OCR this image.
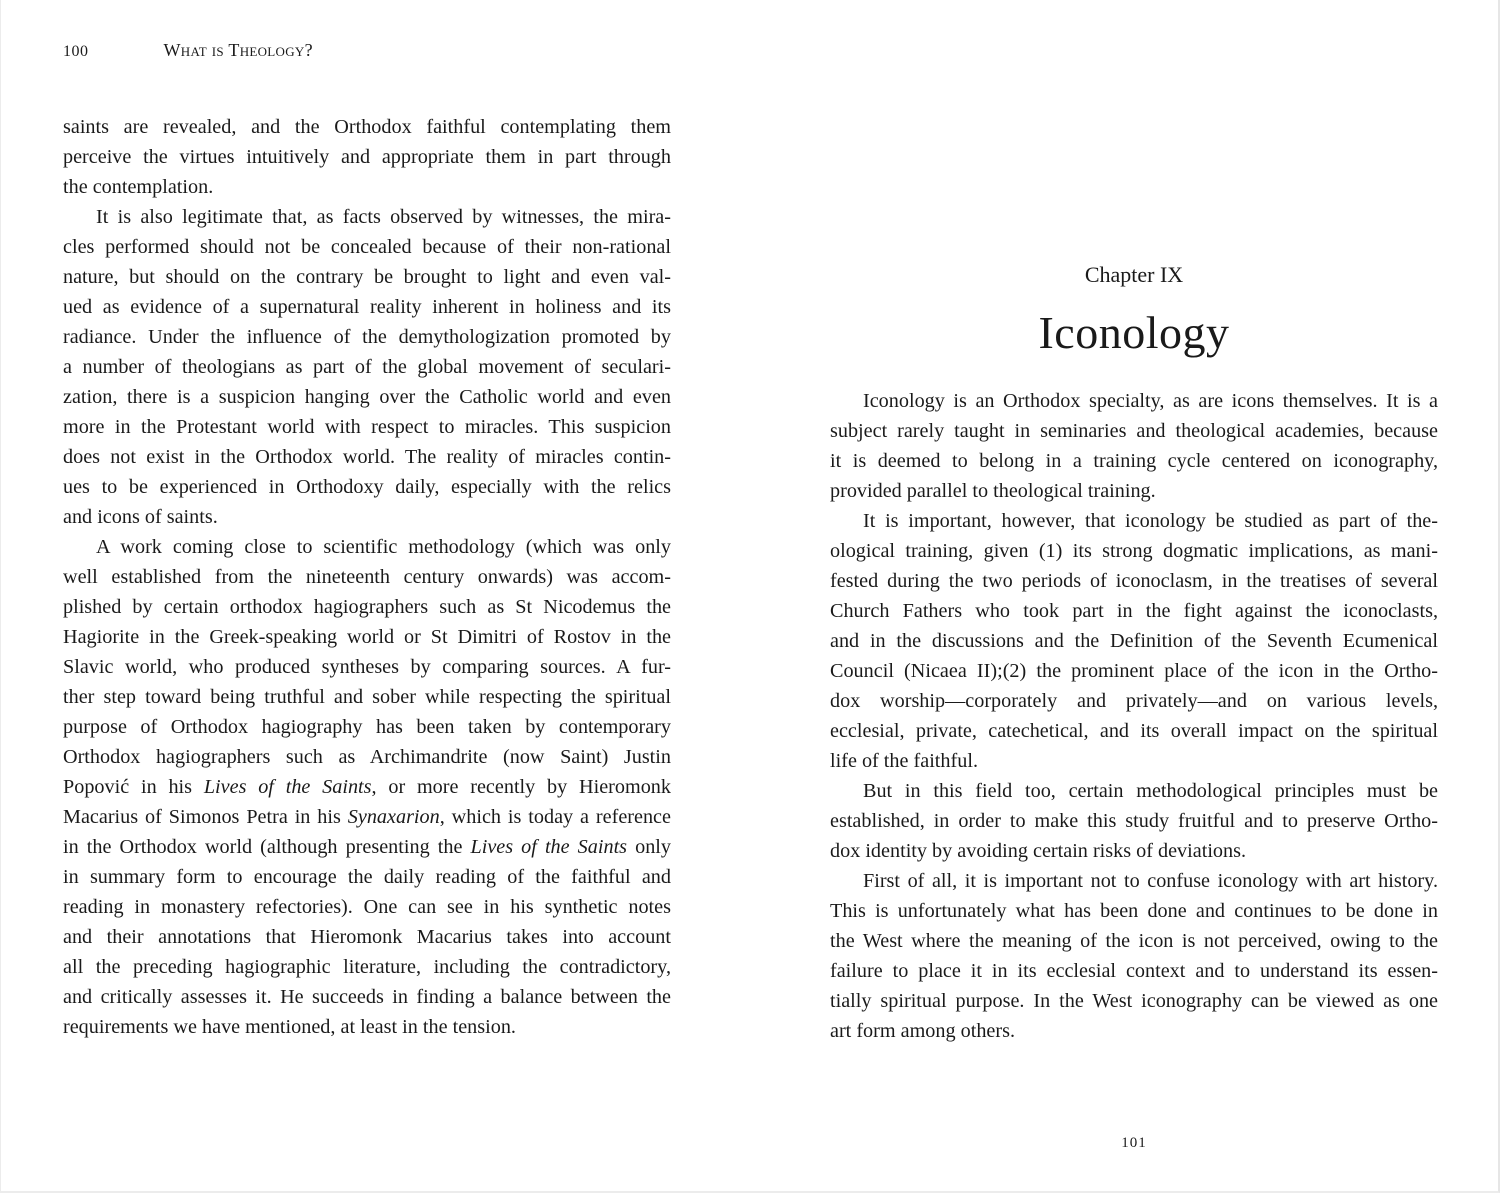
100	What is Theology?
saints are revealed, and the Orthodox faithful contemplating them
perceive the virtues intuitively and appropriate them in part through
the contemplation.
It is also legitimate that, as facts observed by witnesses, the mira-
cles performed should not be concealed because of their non-rational
nature, but should on the contrary be brought to light and even val-
ued as evidence of a supernatural reality inherent in holiness and its
radiance. Under the influence of the demythologization promoted by
a number of theologians as part of the global movement of seculari-
zation, there is a suspicion hanging over the Catholic world and even
more in the Protestant world with respect to miracles. This suspicion
does not exist in the Orthodox world. The reality of miracles contin-
ues to be experienced in Orthodoxy daily, especially with the relics
and icons of saints.
A work coming close to scientific methodology (which was only
well established from the nineteenth century onwards) was accom-
plished by certain orthodox hagiographers such as St Nicodemus the
Hagiorite in the Greek-speaking world or St Dimitri of Rostov in the
Slavic world, who produced syntheses by comparing sources. A fur-
ther step toward being truthful and sober while respecting the spiritual
purpose of Orthodox hagiography has been taken by contemporary
Orthodox hagiographers such as Archimandrite (now Saint) Justin
Popović in his Lives of the Saints, or more recently by Hieromonk
Macarius of Simonos Petra in his Synaxarion, which is today a reference
in the Orthodox world (although presenting the Lives of the Saints only
in summary form to encourage the daily reading of the faithful and
reading in monastery refectories). One can see in his synthetic notes
and their annotations that Hieromonk Macarius takes into account
all the preceding hagiographic literature, including the contradictory,
and critically assesses it. He succeeds in finding a balance between the
requirements we have mentioned, at least in the tension.
Chapter IX
Iconology
Iconology is an Orthodox specialty, as are icons themselves. It is a
subject rarely taught in seminaries and theological academies, because
it is deemed to belong in a training cycle centered on iconography,
provided parallel to theological training.
It is important, however, that iconology be studied as part of the-
ological training, given (1) its strong dogmatic implications, as mani-
fested during the two periods of iconoclasm, in the treatises of several
Church Fathers who took part in the fight against the iconoclasts,
and in the discussions and the Definition of the Seventh Ecumenical
Council (Nicaea II);(2) the prominent place of the icon in the Ortho-
dox worship—corporately and privately—and on various levels,
ecclesial, private, catechetical, and its overall impact on the spiritual
life of the faithful.
But in this field too, certain methodological principles must be
established, in order to make this study fruitful and to preserve Ortho-
dox identity by avoiding certain risks of deviations.
First of all, it is important not to confuse iconology with art history.
This is unfortunately what has been done and continues to be done in
the West where the meaning of the icon is not perceived, owing to the
failure to place it in its ecclesial context and to understand its essen-
tially spiritual purpose. In the West iconography can be viewed as one
art form among others.
101
